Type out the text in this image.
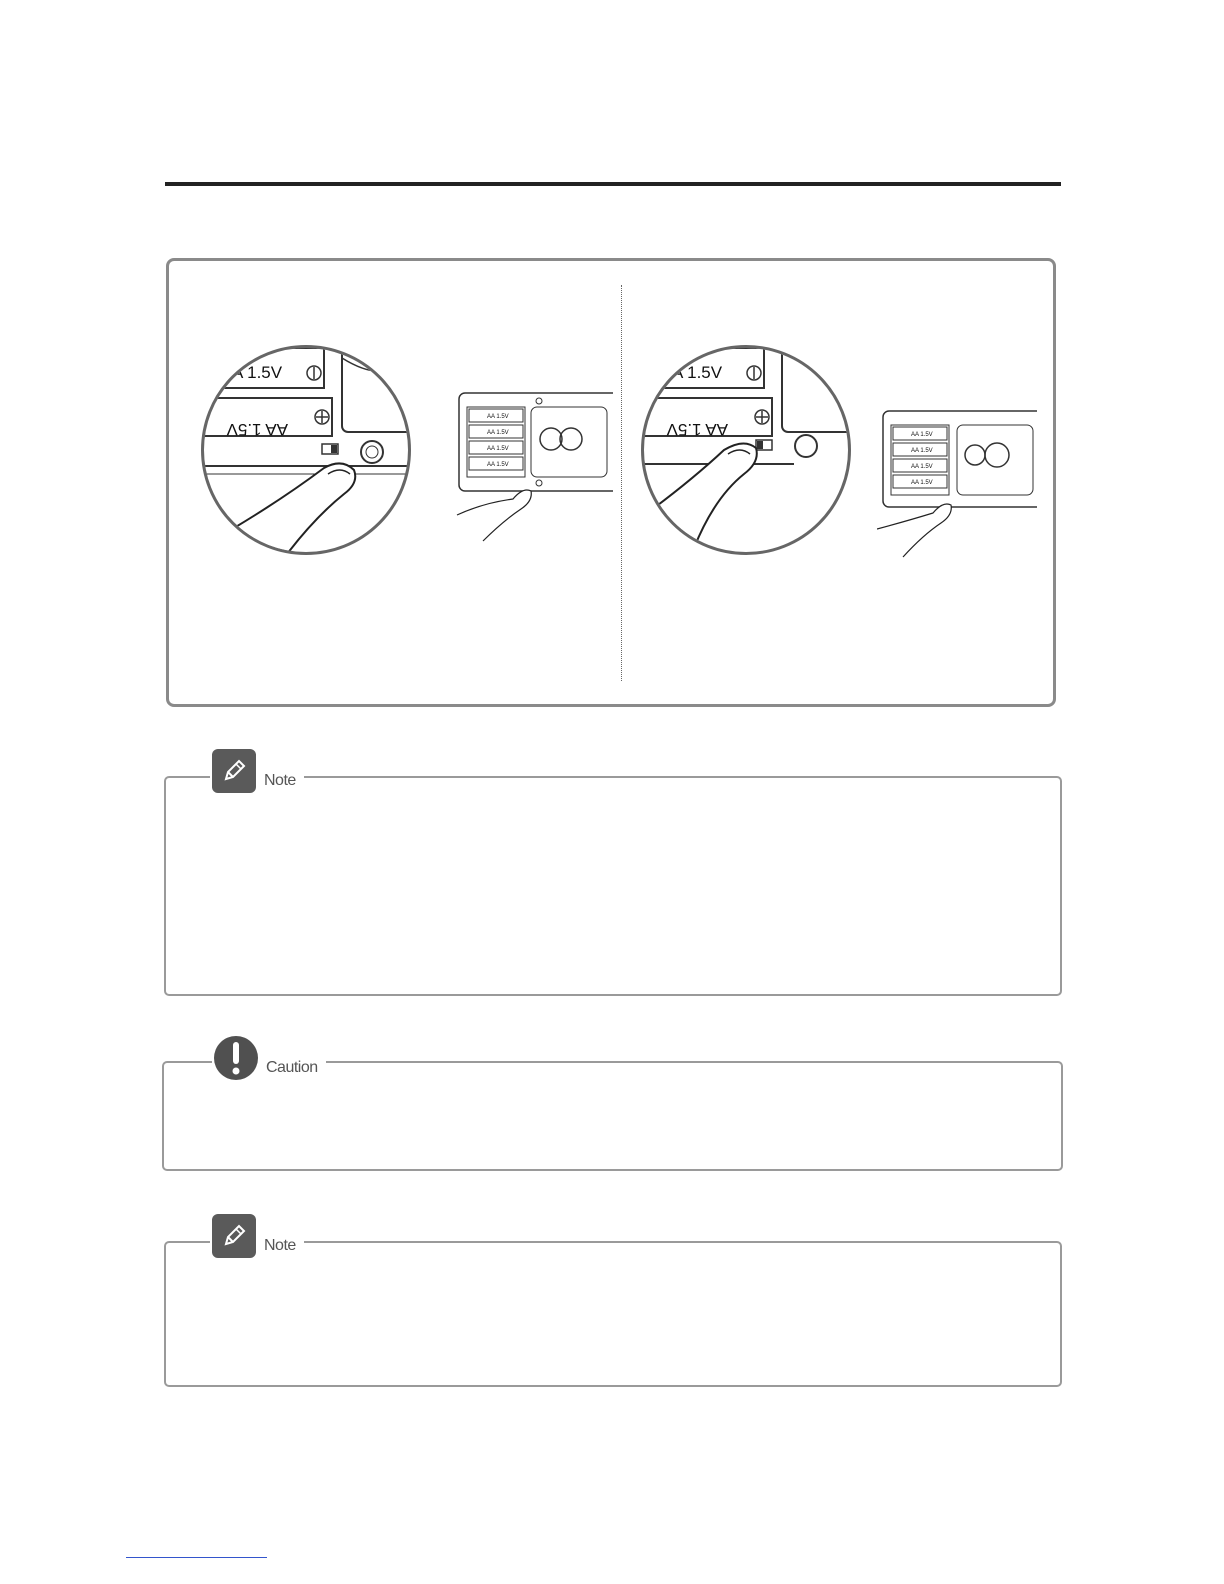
A 1.5V
AA 1.5V
AA 1.5V
AA 1.5V
AA 1.5V
AA 1.5V
A 1.5V
AA 1.5V	AA 1.5V
AA 1.5V
AA 1.5V
AA 1.5V
Note
Caution
Note
